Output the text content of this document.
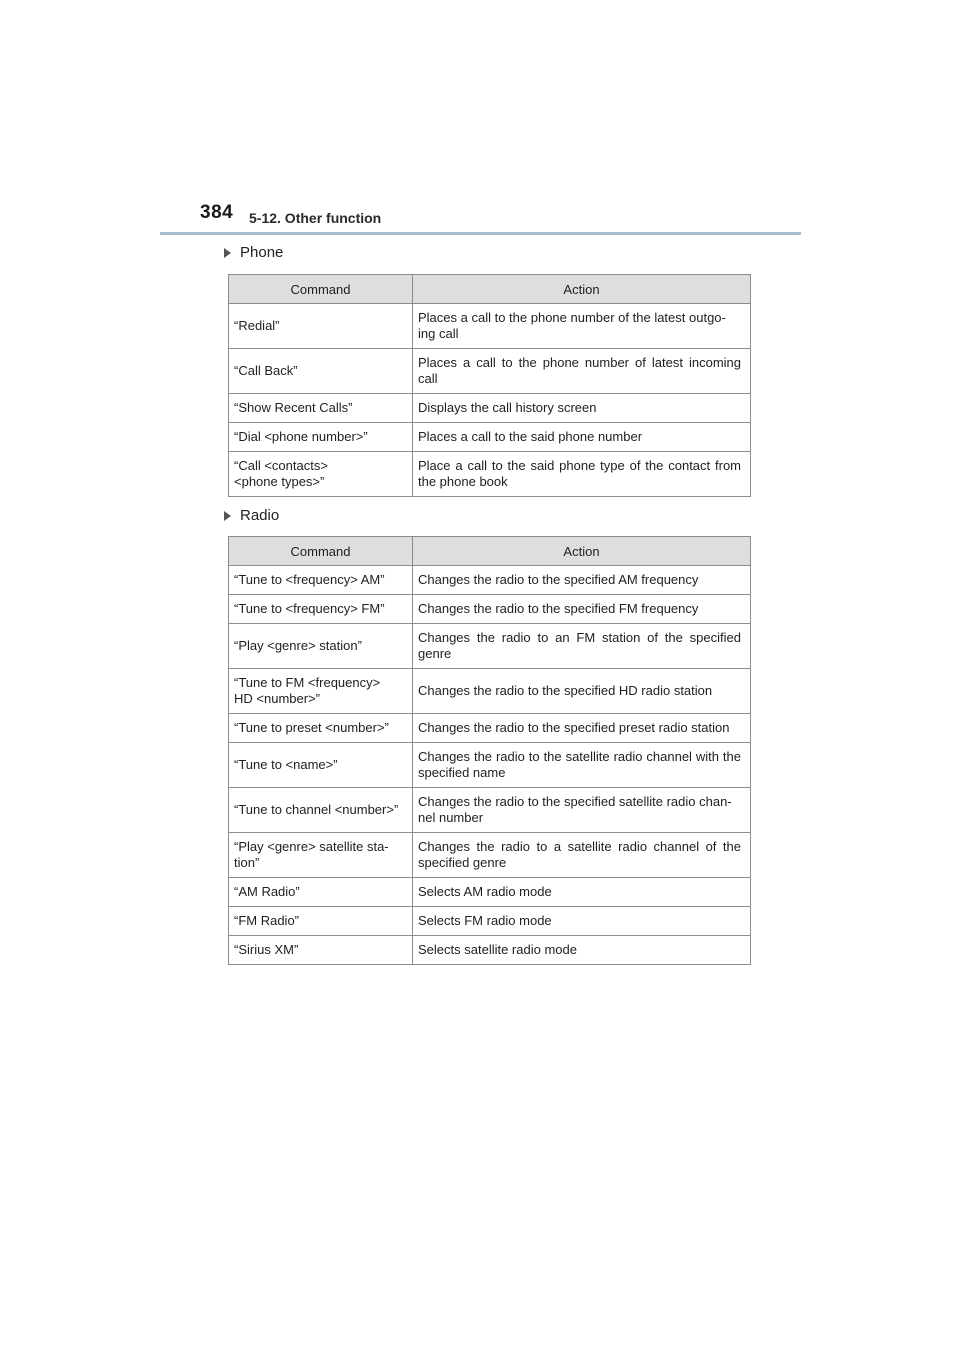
384 5-12. Other function
Phone
Command	Action
“Redial”	Places a call to the phone number of the latest outgo-
ing call
“Call Back”	Places a call to the phone number of latest incoming call
“Show Recent Calls”	Displays the call history screen
“Dial <phone number>”	Places a call to the said phone number
“Call <contacts>
<phone types>”	Place a call to the said phone type of the contact from the phone book
Radio
Command	Action
“Tune to <frequency> AM”	Changes the radio to the specified AM frequency
“Tune to <frequency> FM”	Changes the radio to the specified FM frequency
“Play <genre> station”	Changes the radio to an FM station of the specified genre
“Tune to FM <frequency>
HD <number>”	Changes the radio to the specified HD radio station
“Tune to preset <number>”	Changes the radio to the specified preset radio station
“Tune to <name>”	Changes the radio to the satellite radio channel with the specified name
“Tune to channel <number>”	Changes the radio to the specified satellite radio chan-
nel number
“Play <genre> satellite sta-
tion”	Changes the radio to a satellite radio channel of the specified genre
“AM Radio”	Selects AM radio mode
“FM Radio”	Selects FM radio mode
“Sirius XM”	Selects satellite radio mode
